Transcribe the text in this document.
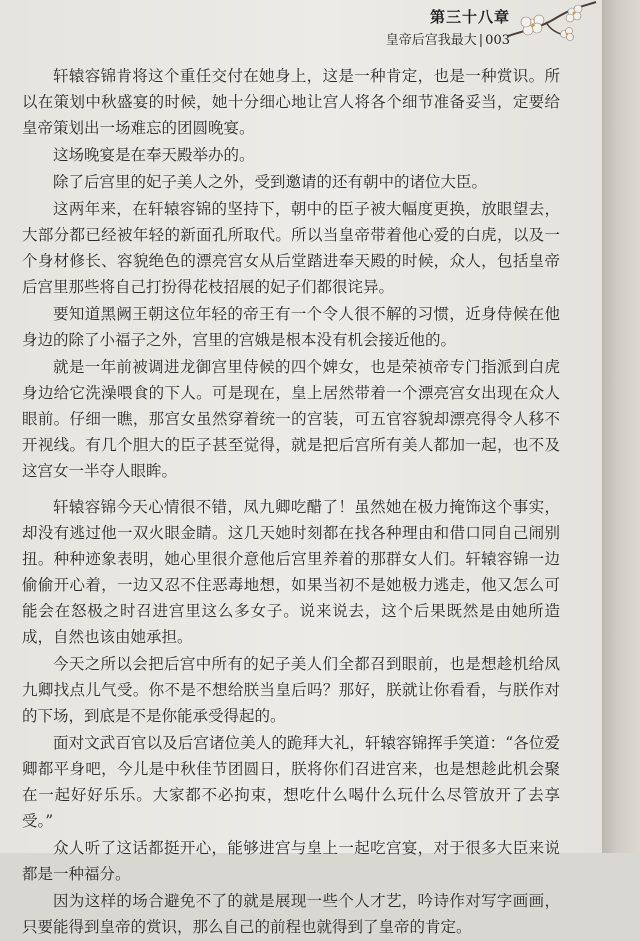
第三十八章
皇帝后宫我最大 | 003

轩辕容锦肯将这个重任交付在她身上，这是一种肯定，也是一种赏识。所以在策划中秋盛宴的时候，她十分细心地让宫人将各个细节准备妥当，定要给皇帝策划出一场难忘的团圆晚宴。

这场晚宴是在奉天殿举办的。

除了后宫里的妃子美人之外，受到邀请的还有朝中的诸位大臣。

这两年来，在轩辕容锦的坚持下，朝中的臣子被大幅度更换，放眼望去，大部分都已经被年轻的新面孔所取代。所以当皇帝带着他心爱的白虎，以及一个身材修长、容貌绝色的漂亮宫女从后堂踏进奉天殿的时候，众人，包括皇帝后宫里那些将自己打扮得花枝招展的妃子们都很诧异。

要知道黑阙王朝这位年轻的帝王有一个令人很不解的习惯，近身侍候在他身边的除了小福子之外，宫里的宫娥是根本没有机会接近他的。

就是一年前被调进龙御宫里侍候的四个婢女，也是荣祯帝专门指派到白虎身边给它洗澡喂食的下人。可是现在，皇上居然带着一个漂亮宫女出现在众人眼前。仔细一瞧，那宫女虽然穿着统一的宫装，可五官容貌却漂亮得令人移不开视线。有几个胆大的臣子甚至觉得，就是把后宫所有美人都加一起，也不及这宫女一半夺人眼眸。

轩辕容锦今天心情很不错，凤九卿吃醋了！虽然她在极力掩饰这个事实，却没有逃过他一双火眼金睛。这几天她时刻都在找各种理由和借口同自己闹别扭。种种迹象表明，她心里很介意他后宫里养着的那群女人们。轩辕容锦一边偷偷开心着，一边又忍不住恶毒地想，如果当初不是她极力逃走，他又怎么可能会在怒极之时召进宫里这么多女子。说来说去，这个后果既然是由她所造成，自然也该由她承担。

今天之所以会把后宫中所有的妃子美人们全都召到眼前，也是想趁机给凤九卿找点儿气受。你不是不想给朕当皇后吗？那好，朕就让你看看，与朕作对的下场，到底是不是你能承受得起的。

面对文武百官以及后宫诸位美人的跪拜大礼，轩辕容锦挥手笑道：“各位爱卿都平身吧，今儿是中秋佳节团圆日，朕将你们召进宫来，也是想趁此机会聚在一起好好乐乐。大家都不必拘束，想吃什么喝什么玩什么尽管放开了去享受。”

众人听了这话都挺开心，能够进宫与皇上一起吃宫宴，对于很多大臣来说都是一种福分。

因为这样的场合避免不了的就是展现一些个人才艺，吟诗作对写字画画，只要能得到皇帝的赏识，那么自己的前程也就得到了皇帝的肯定。
